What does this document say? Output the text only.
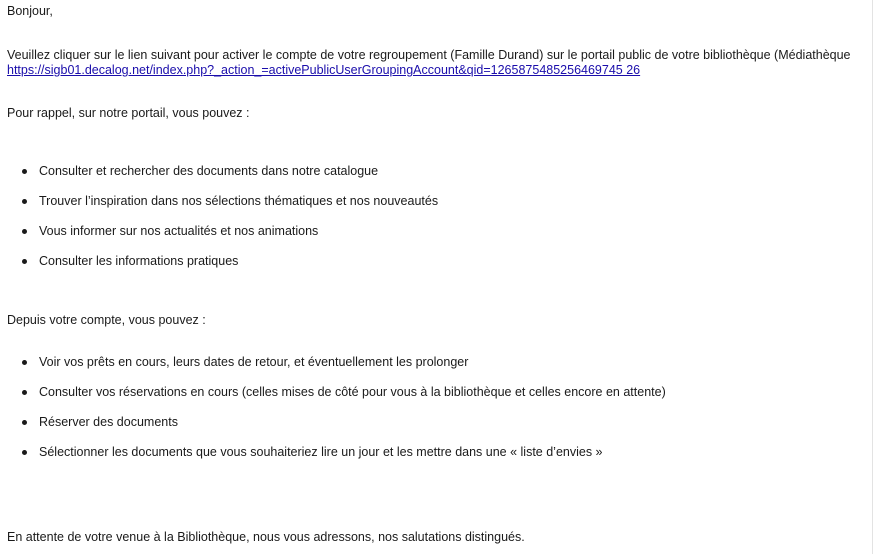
Bonjour,
Veuillez cliquer sur le lien suivant pour activer le compte de votre regroupement (Famille Durand) sur le portail public de votre bibliothèque (Médiathèque
https://sigb01.decalog.net/index.php?_action_=activePublicUserGroupingAccount&qid=1265875485256469745 26
Pour rappel, sur notre portail, vous pouvez :
Consulter et rechercher des documents dans notre catalogue
Trouver l’inspiration dans nos sélections thématiques et nos nouveautés
Vous informer sur nos actualités et nos animations
Consulter les informations pratiques
Depuis votre compte, vous pouvez :
Voir vos prêts en cours, leurs dates de retour, et éventuellement les prolonger
Consulter vos réservations en cours (celles mises de côté pour vous à la bibliothèque et celles encore en attente)
Réserver des documents
Sélectionner les documents que vous souhaiteriez lire un jour et les mettre dans une « liste d’envies »
En attente de votre venue à la Bibliothèque, nous vous adressons, nos salutations distingués.
